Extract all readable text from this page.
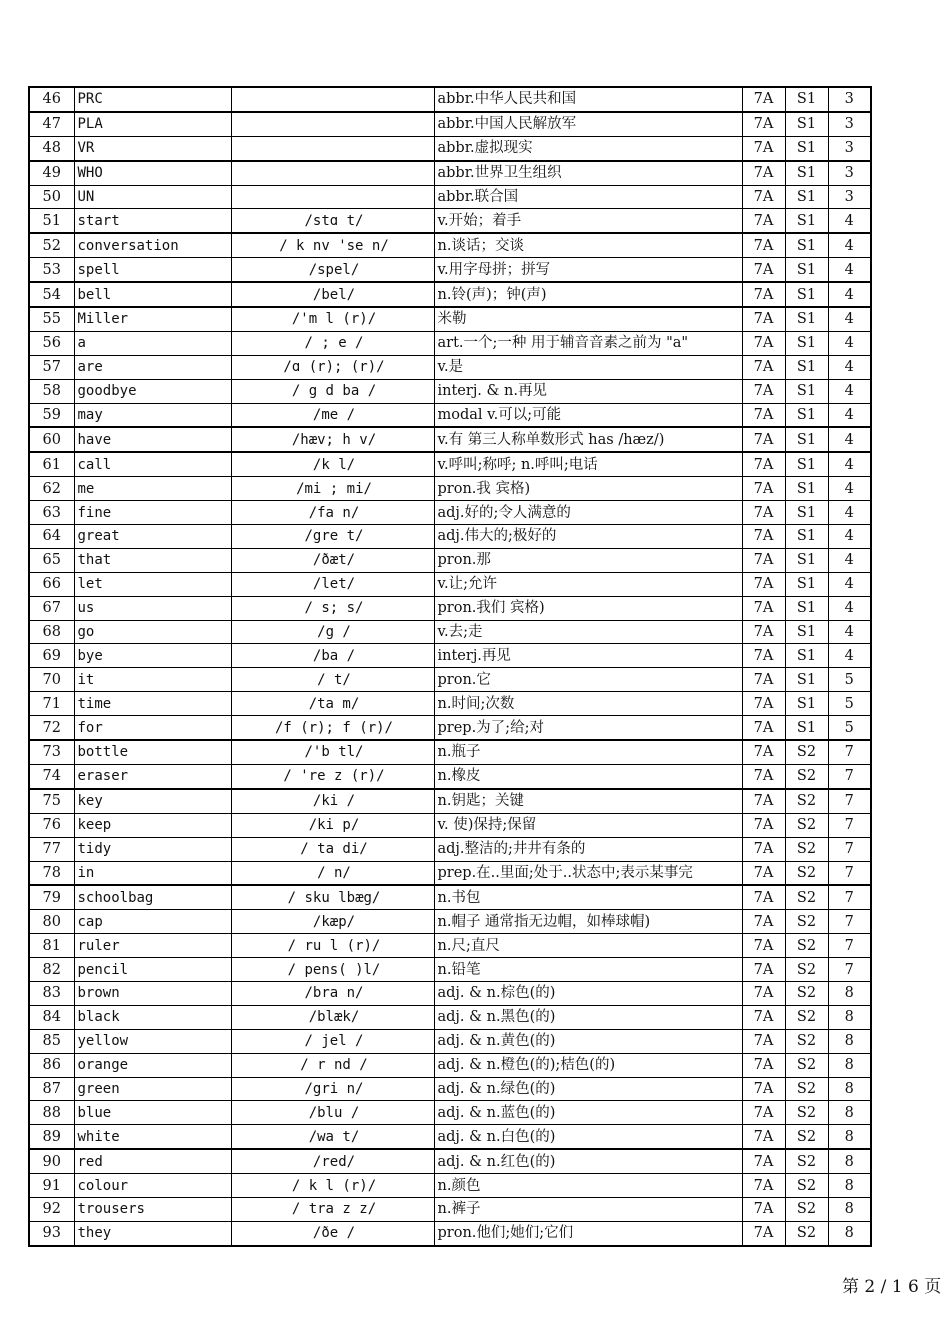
46	PRC		abbr.中华人民共和国	7A	S1	3
47	PLA		abbr.中国人民解放军	7A	S1	3
48	VR		abbr.虚拟现实	7A	S1	3
49	WHO		abbr.世界卫生组织	7A	S1	3
50	UN		abbr.联合国	7A	S1	3
51	start	/stɑ t/	v.开始；着手	7A	S1	4
52	conversation	/ k nv 'se n/	n.谈话；交谈	7A	S1	4
53	spell	/spel/	v.用字母拼；拼写	7A	S1	4
54	bell	/bel/	n.铃(声)；钟(声)	7A	S1	4
55	Miller	/'m l (r)/	米勒	7A	S1	4
56	a	/ ; e /	art.一个;一种 用于辅音音素之前为 "a"	7A	S1	4
57	are	/ɑ (r); (r)/	v.是	7A	S1	4
58	goodbye	/ g d ba /	interj. & n.再见	7A	S1	4
59	may	/me /	modal v.可以;可能	7A	S1	4
60	have	/hæv; h v/	v.有 第三人称单数形式 has /hæz/)	7A	S1	4
61	call	/k l/	v.呼叫;称呼; n.呼叫;电话	7A	S1	4
62	me	/mi ; mi/	pron.我 宾格)	7A	S1	4
63	fine	/fa n/	adj.好的;令人满意的	7A	S1	4
64	great	/gre t/	adj.伟大的;极好的	7A	S1	4
65	that	/ðæt/	pron.那	7A	S1	4
66	let	/let/	v.让;允许	7A	S1	4
67	us	/ s; s/	pron.我们 宾格)	7A	S1	4
68	go	/g /	v.去;走	7A	S1	4
69	bye	/ba /	interj.再见	7A	S1	4
70	it	/ t/	pron.它	7A	S1	5
71	time	/ta m/	n.时间;次数	7A	S1	5
72	for	/f (r); f (r)/	prep.为了;给;对	7A	S1	5
73	bottle	/'b tl/	n.瓶子	7A	S2	7
74	eraser	/ 're z (r)/	n.橡皮	7A	S2	7
75	key	/ki /	n.钥匙；关键	7A	S2	7
76	keep	/ki p/	v. 使)保持;保留	7A	S2	7
77	tidy	/ ta di/	adj.整洁的;井井有条的	7A	S2	7
78	in	/ n/	prep.在..里面;处于..状态中;表示某事完	7A	S2	7
79	schoolbag	/ sku lbæg/	n.书包	7A	S2	7
80	cap	/kæp/	n.帽子 通常指无边帽，如棒球帽)	7A	S2	7
81	ruler	/ ru l (r)/	n.尺;直尺	7A	S2	7
82	pencil	/ pens( )l/	n.铅笔	7A	S2	7
83	brown	/bra n/	adj. & n.棕色(的)	7A	S2	8
84	black	/blæk/	adj. & n.黑色(的)	7A	S2	8
85	yellow	/ jel /	adj. & n.黄色(的)	7A	S2	8
86	orange	/ r nd /	adj. & n.橙色(的);桔色(的)	7A	S2	8
87	green	/gri n/	adj. & n.绿色(的)	7A	S2	8
88	blue	/blu /	adj. & n.蓝色(的)	7A	S2	8
89	white	/wa t/	adj. & n.白色(的)	7A	S2	8
90	red	/red/	adj. & n.红色(的)	7A	S2	8
91	colour	/ k l (r)/	n.颜色	7A	S2	8
92	trousers	/ tra z z/	n.裤子	7A	S2	8
93	they	/ðe /	pron.他们;她们;它们	7A	S2	8
第 2 / 1 6 页
